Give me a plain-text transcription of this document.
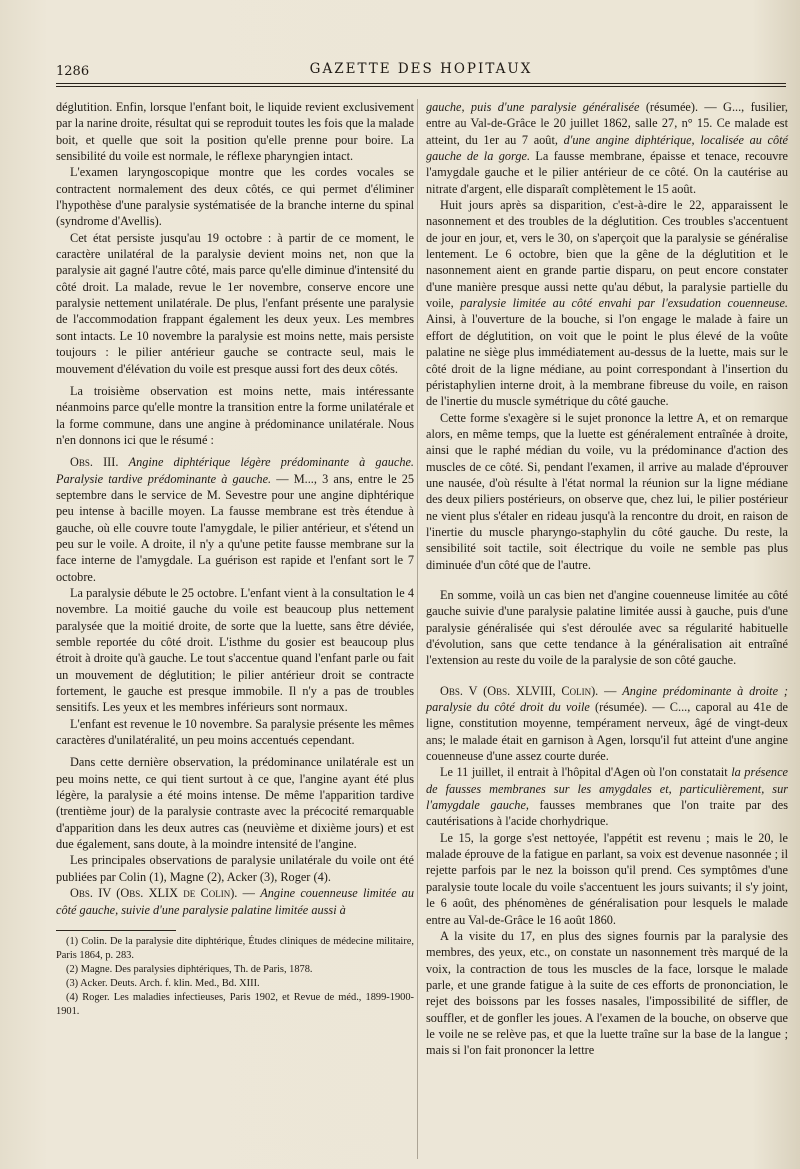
1286	GAZETTE DES HOPITAUX

déglutition. Enfin, lorsque l'enfant boit, le liquide revient exclusivement par la narine droite, résultat qui se reproduit toutes les fois que la malade boit, et quelle que soit la position qu'elle prenne pour boire. La sensibilité du voile est normale, le réflexe pharyngien intact.

L'examen laryngoscopique montre que les cordes vocales se contractent normalement des deux côtés, ce qui permet d'éliminer l'hypothèse d'une paralysie systématisée de la branche interne du spinal (syndrome d'Avellis).

Cet état persiste jusqu'au 19 octobre : à partir de ce moment, le caractère unilatéral de la paralysie devient moins net, non que la paralysie ait gagné l'autre côté, mais parce qu'elle diminue d'intensité du côté droit. La malade, revue le 1er novembre, conserve encore une paralysie nettement unilatérale. De plus, l'enfant présente une paralysie de l'accommodation frappant également les deux yeux. Les membres sont intacts. Le 10 novembre la paralysie est moins nette, mais persiste toujours : le pilier antérieur gauche se contracte seul, mais le mouvement d'élévation du voile est presque aussi fort des deux côtés.

La troisième observation est moins nette, mais intéressante néanmoins parce qu'elle montre la transition entre la forme unilatérale et la forme commune, dans une angine à prédominance unilatérale. Nous n'en donnons ici que le résumé :

Obs. III. Angine diphtérique légère prédominante à gauche. Paralysie tardive prédominante à gauche. — M..., 3 ans, entre le 25 septembre dans le service de M. Sevestre pour une angine diphtérique peu intense à bacille moyen. La fausse membrane est très étendue à gauche, où elle couvre toute l'amygdale, le pilier antérieur, et s'étend un peu sur le voile. A droite, il n'y a qu'une petite fausse membrane sur la face interne de l'amygdale. La guérison est rapide et l'enfant sort le 7 octobre.

La paralysie débute le 25 octobre. L'enfant vient à la consultation le 4 novembre. La moitié gauche du voile est beaucoup plus nettement paralysée que la moitié droite, de sorte que la luette, sans être déviée, semble reportée du côté droit. L'isthme du gosier est beaucoup plus étroit à droite qu'à gauche. Le tout s'accentue quand l'enfant parle ou fait un mouvement de déglutition; le pilier antérieur droit se contracte fortement, le gauche est presque immobile. Il n'y a pas de troubles sensitifs. Les yeux et les membres inférieurs sont normaux.

L'enfant est revenue le 10 novembre. Sa paralysie présente les mêmes caractères d'unilatéralité, un peu moins accentués cependant.

Dans cette dernière observation, la prédominance unilatérale est un peu moins nette, ce qui tient surtout à ce que, l'angine ayant été plus légère, la paralysie a été moins intense. De même l'apparition tardive (trentième jour) de la paralysie contraste avec la précocité remarquable d'apparition dans les deux autres cas (neuvième et dixième jours) et est due également, sans doute, à la moindre intensité de l'angine.

Les principales observations de paralysie unilatérale du voile ont été publiées par Colin (1), Magne (2), Acker (3), Roger (4).

Obs. IV (Obs. XLIX de Colin). — Angine couenneuse limitée au côté gauche, suivie d'une paralysie palatine limitée aussi à

(1) Colin. De la paralysie dite diphtérique, Études cliniques de médecine militaire, Paris 1864, p. 283.

(2) Magne. Des paralysies diphtériques, Th. de Paris, 1878.

(3) Acker. Deuts. Arch. f. klin. Med., Bd. XIII.

(4) Roger. Les maladies infectieuses, Paris 1902, et Revue de méd., 1899-1900-1901.

gauche, puis d'une paralysie généralisée (résumée). — G..., fusilier, entre au Val-de-Grâce le 20 juillet 1862, salle 27, n° 15. Ce malade est atteint, du 1er au 7 août, d'une angine diphtérique, localisée au côté gauche de la gorge. La fausse membrane, épaisse et tenace, recouvre l'amygdale gauche et le pilier antérieur de ce côté. On la cautérise au nitrate d'argent, elle disparaît complètement le 15 août.

Huit jours après sa disparition, c'est-à-dire le 22, apparaissent le nasonnement et des troubles de la déglutition. Ces troubles s'accentuent de jour en jour, et, vers le 30, on s'aperçoit que la paralysie se généralise lentement. Le 6 octobre, bien que la gêne de la déglutition et le nasonnement aient en grande partie disparu, on peut encore constater d'une manière presque aussi nette qu'au début, la paralysie partielle du voile, paralysie limitée au côté envahi par l'exsudation couenneuse. Ainsi, à l'ouverture de la bouche, si l'on engage le malade à faire un effort de déglutition, on voit que le point le plus élevé de la voûte palatine ne siège plus immédiatement au-dessus de la luette, mais sur le côté droit de la ligne médiane, au point correspondant à l'insertion du péristaphylien interne droit, à la membrane fibreuse du voile, en raison de l'inertie du muscle symétrique du côté gauche.

Cette forme s'exagère si le sujet prononce la lettre A, et on remarque alors, en même temps, que la luette est généralement entraînée à droite, ainsi que le raphé médian du voile, vu la prédominance d'action des muscles de ce côté. Si, pendant l'examen, il arrive au malade d'éprouver une nausée, d'où résulte à l'état normal la réunion sur la ligne médiane des deux piliers postérieurs, on observe que, chez lui, le pilier postérieur ne vient plus s'étaler en rideau jusqu'à la rencontre du droit, en raison de l'inertie du muscle pharyngo-staphylin du côté gauche. Du reste, la sensibilité soit tactile, soit électrique du voile ne semble pas plus diminuée d'un côté que de l'autre.

En somme, voilà un cas bien net d'angine couenneuse limitée au côté gauche suivie d'une paralysie palatine limitée aussi à gauche, puis d'une paralysie généralisée qui s'est déroulée avec sa régularité habituelle d'évolution, sans que cette tendance à la généralisation ait entraîné l'extension au reste du voile de la paralysie de son côté gauche.

Obs. V (Obs. XLVIII, Colin). — Angine prédominante à droite ; paralysie du côté droit du voile (résumée). — C..., caporal au 41e de ligne, constitution moyenne, tempérament nerveux, âgé de vingt-deux ans; le malade était en garnison à Agen, lorsqu'il fut atteint d'une angine couenneuse d'une assez courte durée.

Le 11 juillet, il entrait à l'hôpital d'Agen où l'on constatait la présence de fausses membranes sur les amygdales et, particulièrement, sur l'amygdale gauche, fausses membranes que l'on traite par des cautérisations à l'acide chorhydrique.

Le 15, la gorge s'est nettoyée, l'appétit est revenu ; mais le 20, le malade éprouve de la fatigue en parlant, sa voix est devenue nasonnée ; il rejette parfois par le nez la boisson qu'il prend. Ces symptômes d'une paralysie toute locale du voile s'accentuent les jours suivants; il s'y joint, le 6 août, des phénomènes de généralisation pour lesquels le malade entre au Val-de-Grâce le 16 août 1860.

A la visite du 17, en plus des signes fournis par la paralysie des membres, des yeux, etc., on constate un nasonnement très marqué de la voix, la contraction de tous les muscles de la face, lorsque le malade parle, et une grande fatigue à la suite de ces efforts de prononciation, le rejet des boissons par les fosses nasales, l'impossibilité de siffler, de souffler, et de gonfler les joues. A l'examen de la bouche, on observe que le voile ne se relève pas, et que la luette traîne sur la base de la langue ; mais si l'on fait prononcer la lettre
